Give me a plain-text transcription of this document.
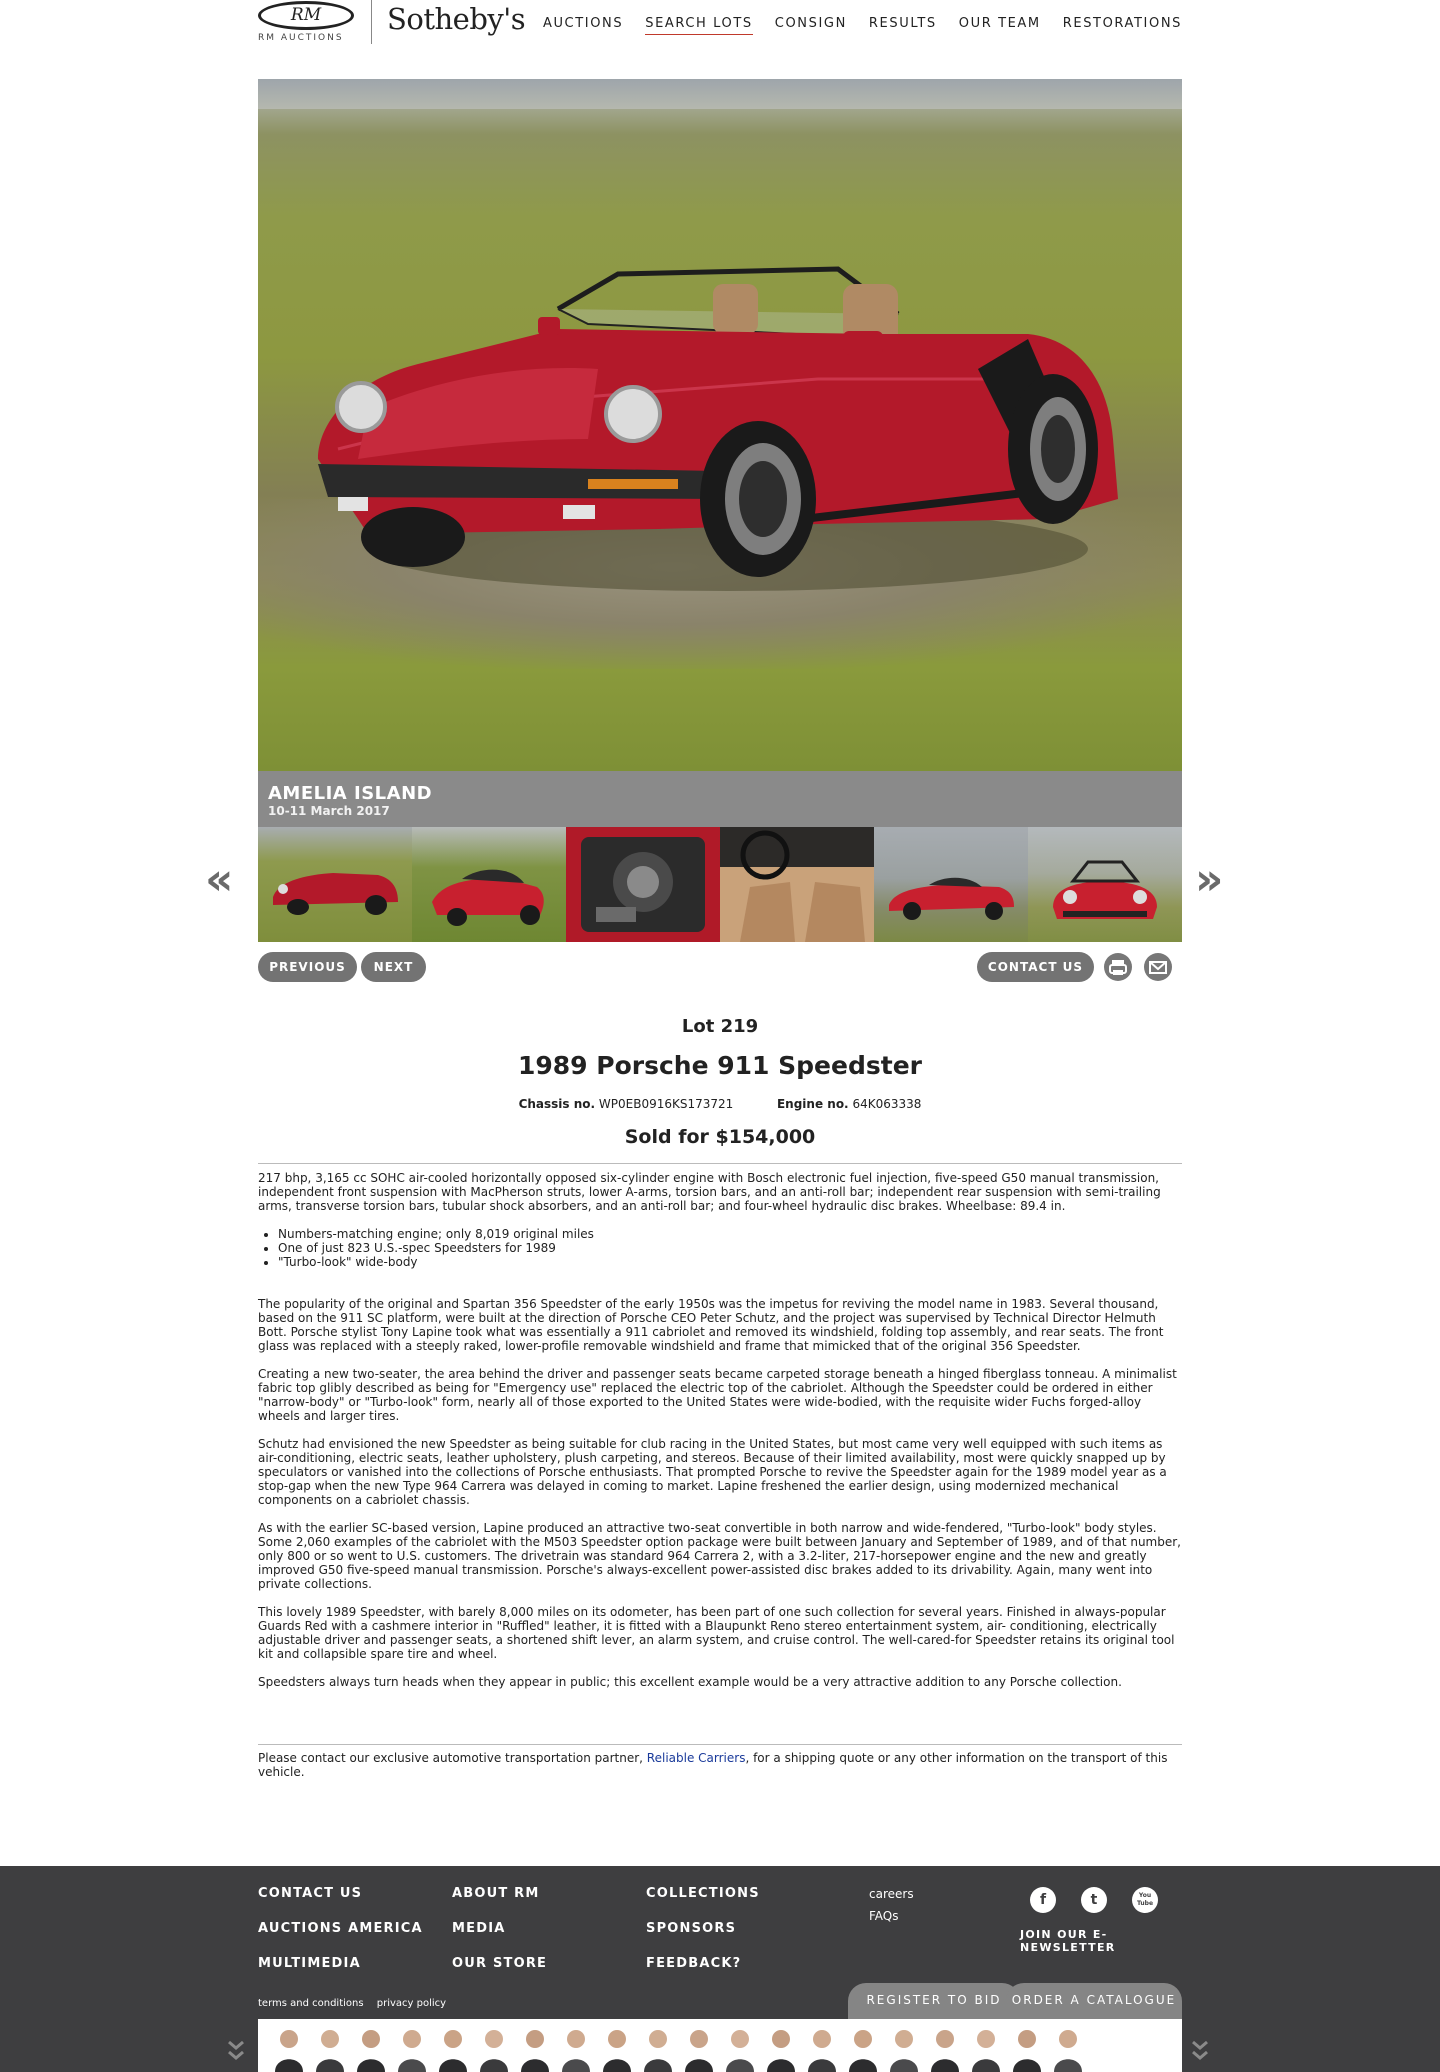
RM
RM AUCTIONS
Sotheby's AUCTIONS SEARCH LOTS CONSIGN RESULTS OUR TEAM RESTORATIONS
AMELIA ISLAND
10-11 March 2017
«	»
PREVIOUS	NEXT	CONTACT US
Lot 219
1989 Porsche 911 Speedster
Chassis no. WP0EB0916KS173721	Engine no. 64K063338
Sold for $154,000

217 bhp, 3,165 cc SOHC air-cooled horizontally opposed six-cylinder engine with Bosch electronic fuel injection, five-speed G50 manual transmission, independent front suspension with MacPherson struts, lower A-arms, torsion bars, and an anti-roll bar; independent rear suspension with semi-trailing arms, transverse torsion bars, tubular shock absorbers, and an anti-roll bar; and four-wheel hydraulic disc brakes. Wheelbase: 89.4 in.

• Numbers-matching engine; only 8,019 original miles
• One of just 823 U.S.-spec Speedsters for 1989
• "Turbo-look" wide-body

The popularity of the original and Spartan 356 Speedster of the early 1950s was the impetus for reviving the model name in 1983. Several thousand, based on the 911 SC platform, were built at the direction of Porsche CEO Peter Schutz, and the project was supervised by Technical Director Helmuth Bott. Porsche stylist Tony Lapine took what was essentially a 911 cabriolet and removed its windshield, folding top assembly, and rear seats. The front glass was replaced with a steeply raked, lower-profile removable windshield and frame that mimicked that of the original 356 Speedster.

Creating a new two-seater, the area behind the driver and passenger seats became carpeted storage beneath a hinged fiberglass tonneau. A minimalist fabric top glibly described as being for "Emergency use" replaced the electric top of the cabriolet. Although the Speedster could be ordered in either "narrow-body" or "Turbo-look" form, nearly all of those exported to the United States were wide-bodied, with the requisite wider Fuchs forged-alloy wheels and larger tires.

Schutz had envisioned the new Speedster as being suitable for club racing in the United States, but most came very well equipped with such items as air-conditioning, electric seats, leather upholstery, plush carpeting, and stereos. Because of their limited availability, most were quickly snapped up by speculators or vanished into the collections of Porsche enthusiasts. That prompted Porsche to revive the Speedster again for the 1989 model year as a stop-gap when the new Type 964 Carrera was delayed in coming to market. Lapine freshened the earlier design, using modernized mechanical components on a cabriolet chassis.

As with the earlier SC-based version, Lapine produced an attractive two-seat convertible in both narrow and wide-fendered, "Turbo-look" body styles. Some 2,060 examples of the cabriolet with the M503 Speedster option package were built between January and September of 1989, and of that number, only 800 or so went to U.S. customers. The drivetrain was standard 964 Carrera 2, with a 3.2-liter, 217-horsepower engine and the new and greatly improved G50 five-speed manual transmission. Porsche's always-excellent power-assisted disc brakes added to its drivability. Again, many went into private collections.

This lovely 1989 Speedster, with barely 8,000 miles on its odometer, has been part of one such collection for several years. Finished in always-popular Guards Red with a cashmere interior in "Ruffled" leather, it is fitted with a Blaupunkt Reno stereo entertainment system, air- conditioning, electrically adjustable driver and passenger seats, a shortened shift lever, an alarm system, and cruise control. The well-cared-for Speedster retains its original tool kit and collapsible spare tire and wheel.

Speedsters always turn heads when they appear in public; this excellent example would be a very attractive addition to any Porsche collection.

Please contact our exclusive automotive transportation partner, Reliable Carriers, for a shipping quote or any other information on the transport of this vehicle.
CONTACT US
AUCTIONS AMERICA
MULTIMEDIA
ABOUT RM
MEDIA
OUR STORE
COLLECTIONS
SPONSORS
FEEDBACK?
careers
FAQs
f	t	You Tube
JOIN OUR E-NEWSLETTER
terms and conditions privacy policy	REGISTER TO BID ORDER A CATALOGUE
